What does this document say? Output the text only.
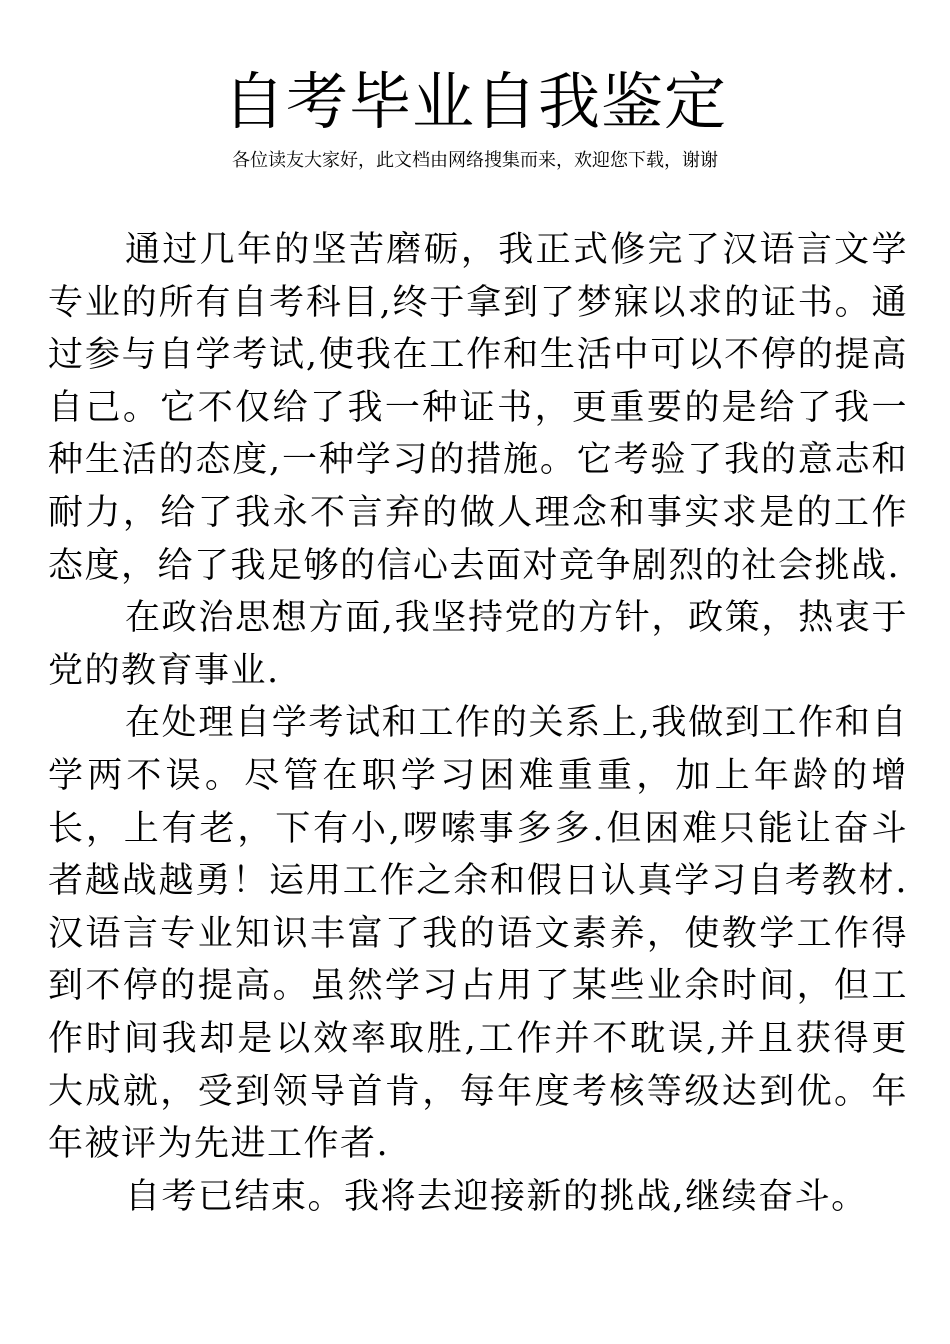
自考毕业自我鉴定
各位读友大家好，此文档由网络搜集而来，欢迎您下载，谢谢

通过几年的坚苦磨砺，我正式修完了汉语言文学专业的所有自考科目,终于拿到了梦寐以求的证书。通过参与自学考试,使我在工作和生活中可以不停的提高自己。它不仅给了我一种证书，更重要的是给了我一种生活的态度,一种学习的措施。它考验了我的意志和耐力，给了我永不言弃的做人理念和事实求是的工作态度，给了我足够的信心去面对竞争剧烈的社会挑战.

在政治思想方面,我坚持党的方针，政策，热衷于党的教育事业.

在处理自学考试和工作的关系上,我做到工作和自学两不误。尽管在职学习困难重重，加上年龄的增长，上有老，下有小,啰嗦事多多.但困难只能让奋斗者越战越勇！运用工作之余和假日认真学习自考教材.汉语言专业知识丰富了我的语文素养，使教学工作得到不停的提高。虽然学习占用了某些业余时间，但工作时间我却是以效率取胜,工作并不耽误,并且获得更大成就，受到领导首肯，每年度考核等级达到优。年年被评为先进工作者.

自考已结束。我将去迎接新的挑战,继续奋斗。
